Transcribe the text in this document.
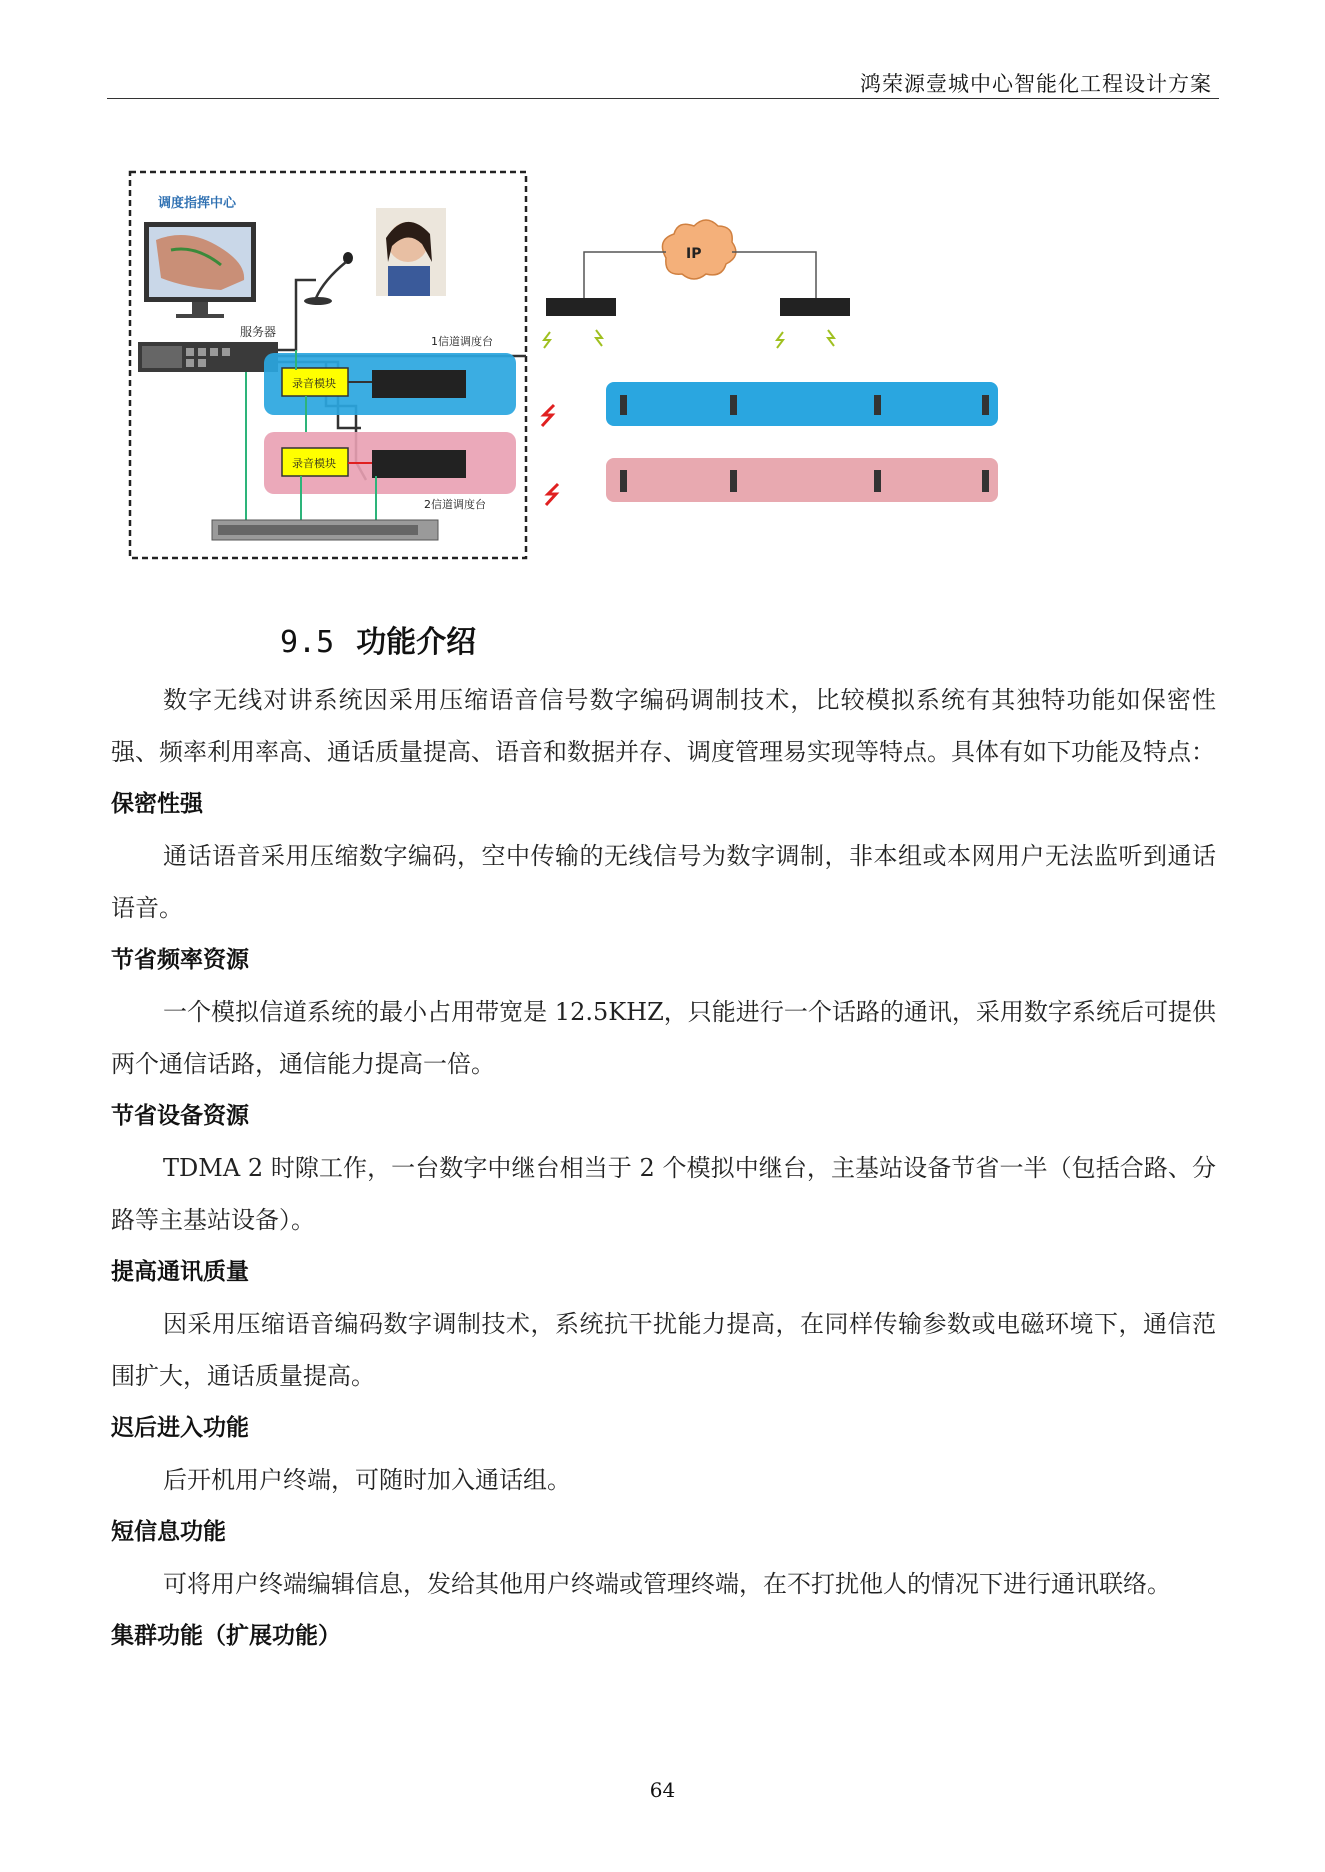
鸿荣源壹城中心智能化工程设计方案
调度指挥中心
服务器
1信道调度台
录音模块
2信道调度台
录音模块
IP
9.5 功能介绍

数字无线对讲系统因采用压缩语音信号数字编码调制技术，比较模拟系统有其独特功能如保密性强、频率利用率高、通话质量提高、语音和数据并存、调度管理易实现等特点。具体有如下功能及特点：

保密性强

通话语音采用压缩数字编码，空中传输的无线信号为数字调制，非本组或本网用户无法监听到通话语音。

节省频率资源

一个模拟信道系统的最小占用带宽是 12.5KHZ，只能进行一个话路的通讯，采用数字系统后可提供两个通信话路，通信能力提高一倍。

节省设备资源

TDMA 2 时隙工作，一台数字中继台相当于 2 个模拟中继台，主基站设备节省一半（包括合路、分路等主基站设备）。

提高通讯质量

因采用压缩语音编码数字调制技术，系统抗干扰能力提高，在同样传输参数或电磁环境下，通信范围扩大，通话质量提高。

迟后进入功能

后开机用户终端，可随时加入通话组。

短信息功能

可将用户终端编辑信息，发给其他用户终端或管理终端，在不打扰他人的情况下进行通讯联络。

集群功能（扩展功能）

64
